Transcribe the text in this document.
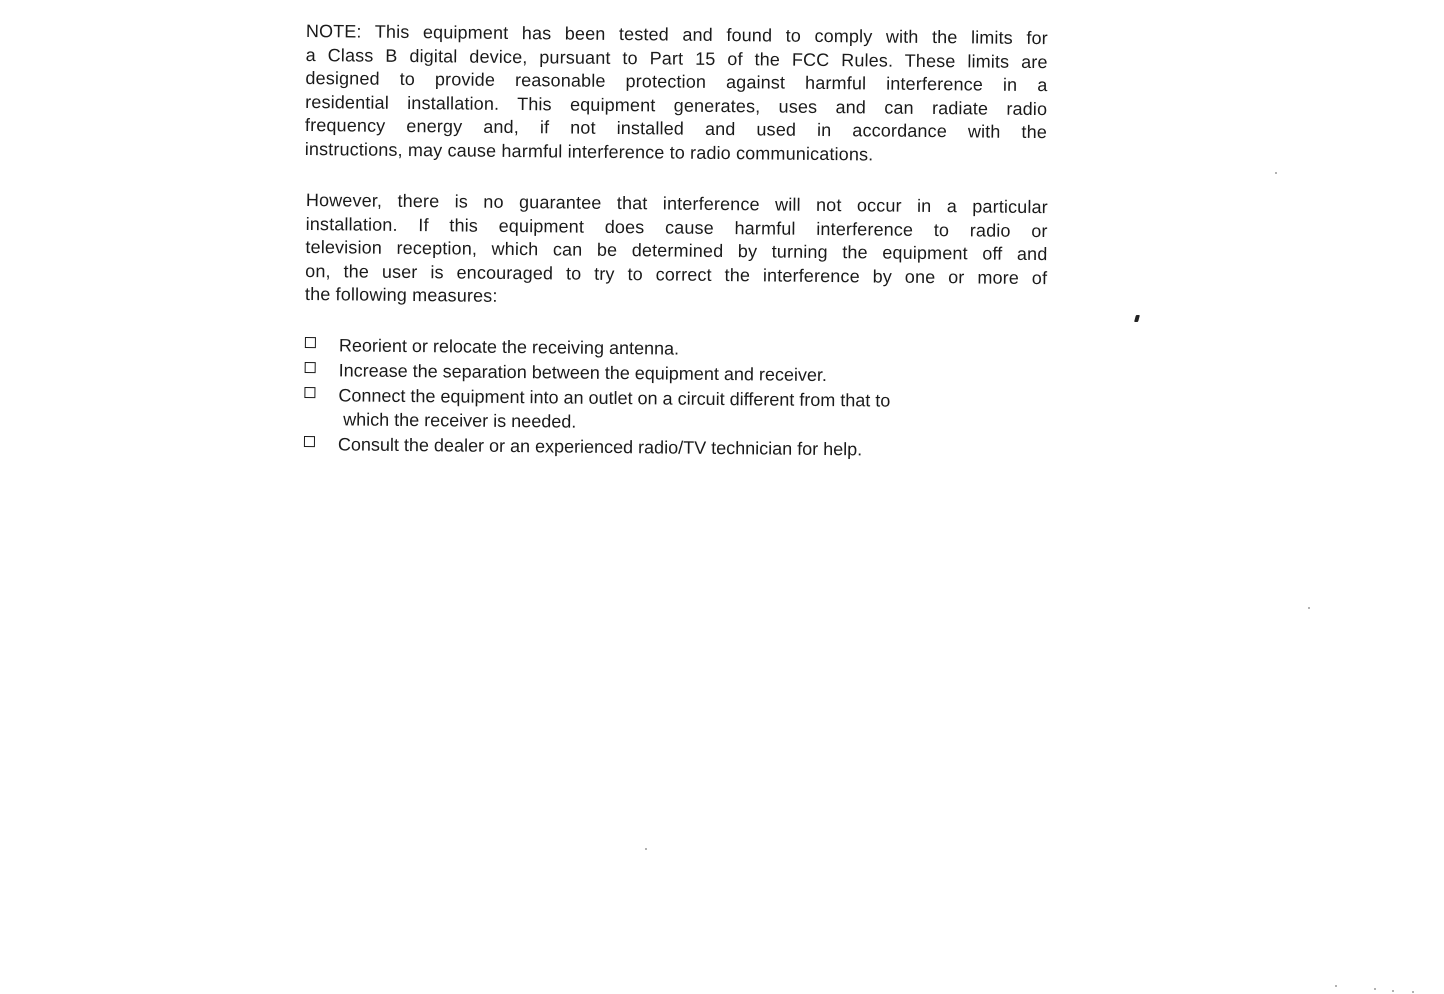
NOTE: This equipment has been tested and found to comply with the limits for
a Class B digital device, pursuant to Part 15 of the FCC Rules. These limits are
designed to provide reasonable protection against harmful interference in a
residential installation. This equipment generates, uses and can radiate radio
frequency energy and, if not installed and used in accordance with the
instructions, may cause harmful interference to radio communications.
However, there is no guarantee that interference will not occur in a particular
installation. If this equipment does cause harmful interference to radio or
television reception, which can be determined by turning the equipment off and
on, the user is encouraged to try to correct the interference by one or more of
the following measures:
Reorient or relocate the receiving antenna.
Increase the separation between the equipment and receiver.
Connect the equipment into an outlet on a circuit different from that to
which the receiver is needed.
Consult the dealer or an experienced radio/TV technician for help.
